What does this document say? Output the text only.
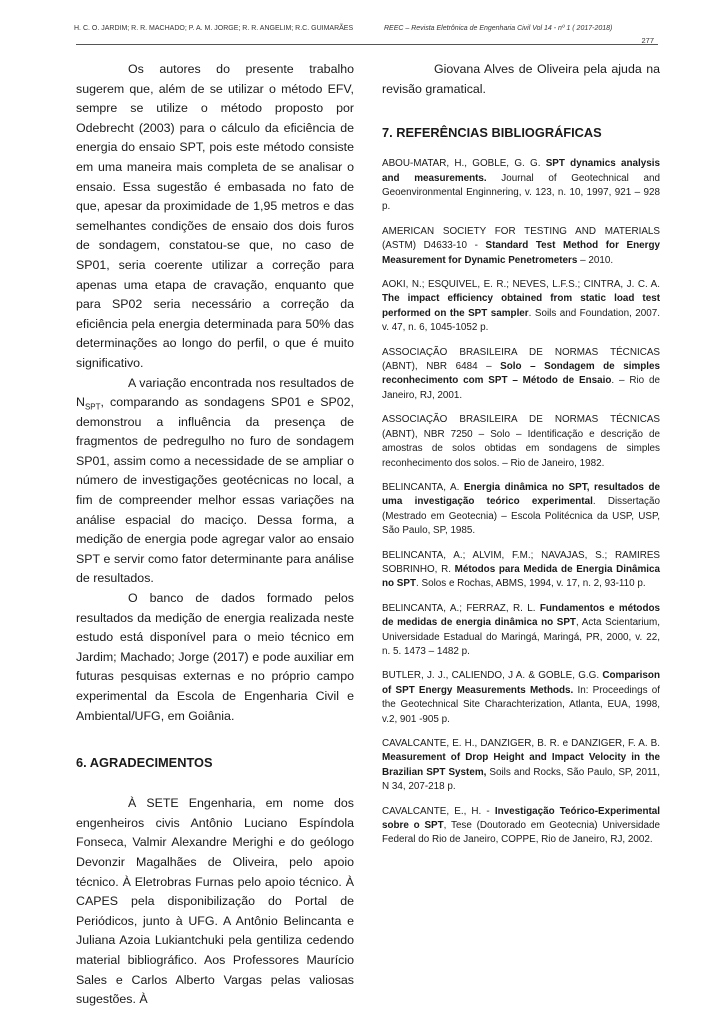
H. C. O. JARDIM; R. R. MACHADO; P. A. M. JORGE; R. R. ANGELIM; R.C. GUIMARÃES	REEC – Revista Eletrônica de Engenharia Civil Vol 14 - nº 1 ( 2017-2018)
277

Os autores do presente trabalho sugerem que, além de se utilizar o método EFV, sempre se utilize o método proposto por Odebrecht (2003) para o cálculo da eficiência de energia do ensaio SPT, pois este método consiste em uma maneira mais completa de se analisar o ensaio. Essa sugestão é embasada no fato de que, apesar da proximidade de 1,95 metros e das semelhantes condições de ensaio dos dois furos de sondagem, constatou-se que, no caso de SP01, seria coerente utilizar a correção para apenas uma etapa de cravação, enquanto que para SP02 seria necessário a correção da eficiência pela energia determinada para 50% das determinações ao longo do perfil, o que é muito significativo.

A variação encontrada nos resultados de $N_{SPT}$, comparando as sondagens SP01 e SP02, demonstrou a influência da presença de fragmentos de pedregulho no furo de sondagem SP01, assim como a necessidade de se ampliar o número de investigações geotécnicas no local, a fim de compreender melhor essas variações na análise espacial do maciço. Dessa forma, a medição de energia pode agregar valor ao ensaio SPT e servir como fator determinante para análise de resultados.

O banco de dados formado pelos resultados da medição de energia realizada neste estudo está disponível para o meio técnico em Jardim; Machado; Jorge (2017) e pode auxiliar em futuras pesquisas externas e no próprio campo experimental da Escola de Engenharia Civil e Ambiental/UFG, em Goiânia.

6. AGRADECIMENTOS

À SETE Engenharia, em nome dos engenheiros civis Antônio Luciano Espíndola Fonseca, Valmir Alexandre Merighi e do geólogo Devonzir Magalhães de Oliveira, pelo apoio técnico. À Eletrobras Furnas pelo apoio técnico. À CAPES pela disponibilização do Portal de Periódicos, junto à UFG. A Antônio Belincanta e Juliana Azoia Lukiantchuki pela gentiliza cedendo material bibliográfico. Aos Professores Maurício Sales e Carlos Alberto Vargas pelas valiosas sugestões. À

Giovana Alves de Oliveira pela ajuda na revisão gramatical.

7. REFERÊNCIAS BIBLIOGRÁFICAS

ABOU-MATAR, H., GOBLE, G. G. SPT dynamics analysis and measurements. Journal of Geotechnical and Geoenvironmental Enginnering, v. 123, n. 10, 1997, 921 – 928 p.

AMERICAN SOCIETY FOR TESTING AND MATERIALS (ASTM) D4633-10 - Standard Test Method for Energy Measurement for Dynamic Penetrometers – 2010.

AOKI, N.; ESQUIVEL, E. R.; NEVES, L.F.S.; CINTRA, J. C. A. The impact efficiency obtained from static load test performed on the SPT sampler. Soils and Foundation, 2007. v. 47, n. 6, 1045-1052 p.

ASSOCIAÇÃO BRASILEIRA DE NORMAS TÉCNICAS (ABNT), NBR 6484 – Solo – Sondagem de simples reconhecimento com SPT – Método de Ensaio. – Rio de Janeiro, RJ, 2001.

ASSOCIAÇÃO BRASILEIRA DE NORMAS TÉCNICAS (ABNT), NBR 7250 – Solo – Identificação e descrição de amostras de solos obtidas em sondagens de simples reconhecimento dos solos. – Rio de Janeiro, 1982.

BELINCANTA, A. Energia dinâmica no SPT, resultados de uma investigação teórico experimental. Dissertação (Mestrado em Geotecnia) – Escola Politécnica da USP, USP, São Paulo, SP, 1985.

BELINCANTA, A.; ALVIM, F.M.; NAVAJAS, S.; RAMIRES SOBRINHO, R. Métodos para Medida de Energia Dinâmica no SPT. Solos e Rochas, ABMS, 1994, v. 17, n. 2, 93-110 p.

BELINCANTA, A.; FERRAZ, R. L. Fundamentos e métodos de medidas de energia dinâmica no SPT, Acta Scientarium, Universidade Estadual do Maringá, Maringá, PR, 2000, v. 22, n. 5. 1473 – 1482 p.

BUTLER, J. J., CALIENDO, J A. & GOBLE, G.G. Comparison of SPT Energy Measurements Methods. In: Proceedings of the Geotechnical Site Charachterization, Atlanta, EUA, 1998, v.2, 901 -905 p.

CAVALCANTE, E. H., DANZIGER, B. R. e DANZIGER, F. A. B. Measurement of Drop Height and Impact Velocity in the Brazilian SPT System, Soils and Rocks, São Paulo, SP, 2011, N 34, 207-218 p.

CAVALCANTE, E., H. - Investigação Teórico-Experimental sobre o SPT, Tese (Doutorado em Geotecnia) Universidade Federal do Rio de Janeiro, COPPE, Rio de Janeiro, RJ, 2002.
